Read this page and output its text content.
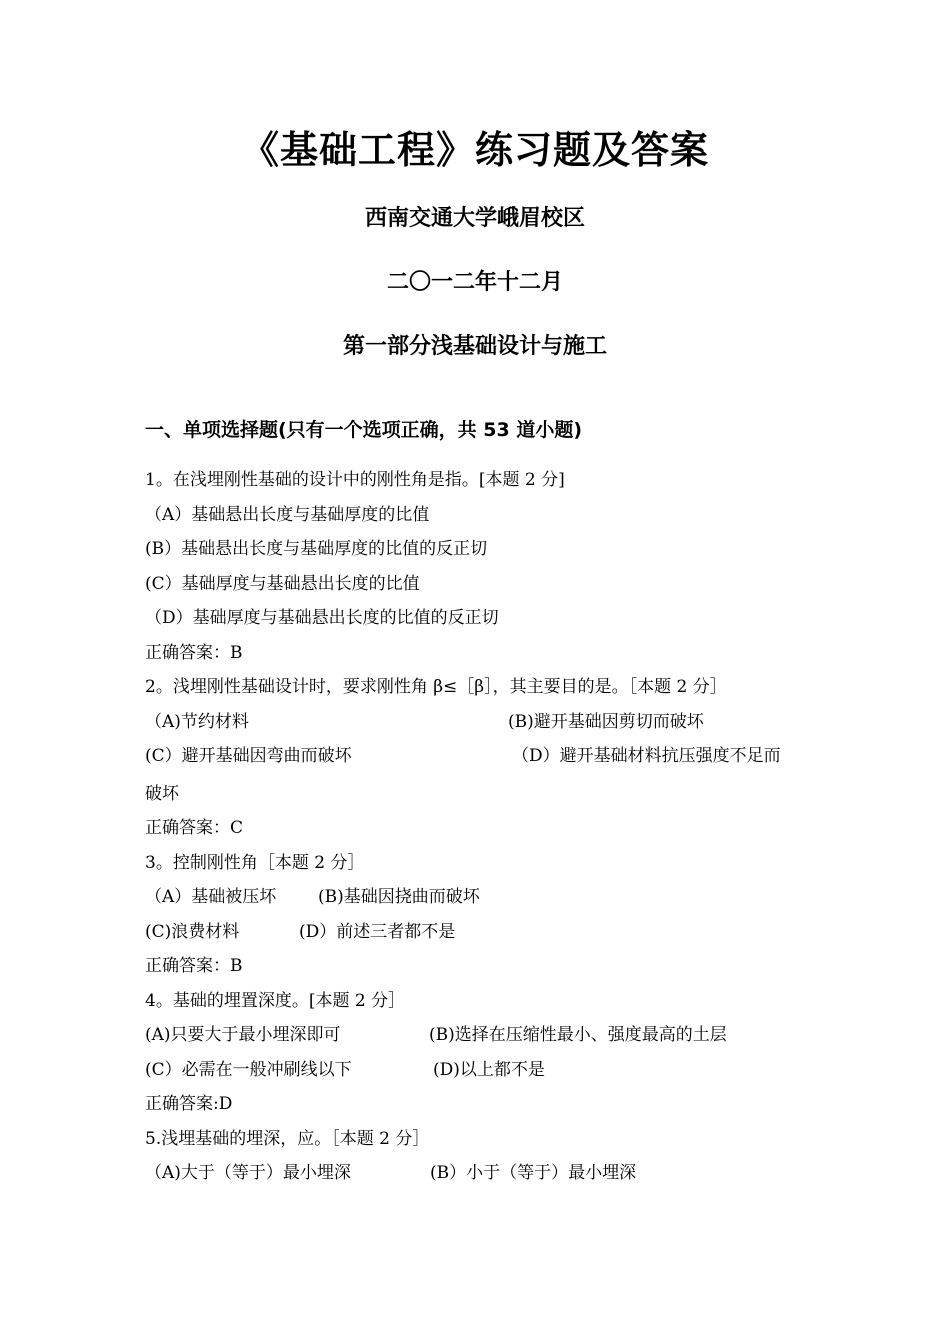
《基础工程》练习题及答案
西南交通大学峨眉校区
二〇一二年十二月
第一部分浅基础设计与施工
一、单项选择题(只有一个选项正确，共 53 道小题)
1。在浅埋刚性基础的设计中的刚性角是指。[本题 2 分]
（A）基础悬出长度与基础厚度的比值
(B）基础悬出长度与基础厚度的比值的反正切
(C）基础厚度与基础悬出长度的比值
（D）基础厚度与基础悬出长度的比值的反正切
正确答案：B
2。浅埋刚性基础设计时，要求刚性角 β≤［β］，其主要目的是。［本题 2 分］
（A)节约材料	(B)避开基础因剪切而破坏
(C）避开基础因弯曲而破坏	（D）避开基础材料抗压强度不足而
破坏
正确答案：C
3。控制刚性角［本题 2 分］
（A）基础被压坏 (B)基础因挠曲而破坏
(C)浪费材料	(D）前述三者都不是
正确答案：B
4。基础的埋置深度。[本题 2 分］
(A)只要大于最小埋深即可	(B)选择在压缩性最小、强度最高的土层
(C）必需在一般冲刷线以下	(D)以上都不是
正确答案:D
5.浅埋基础的埋深，应。［本题 2 分］
（A)大于（等于）最小埋深	(B）小于（等于）最小埋深
